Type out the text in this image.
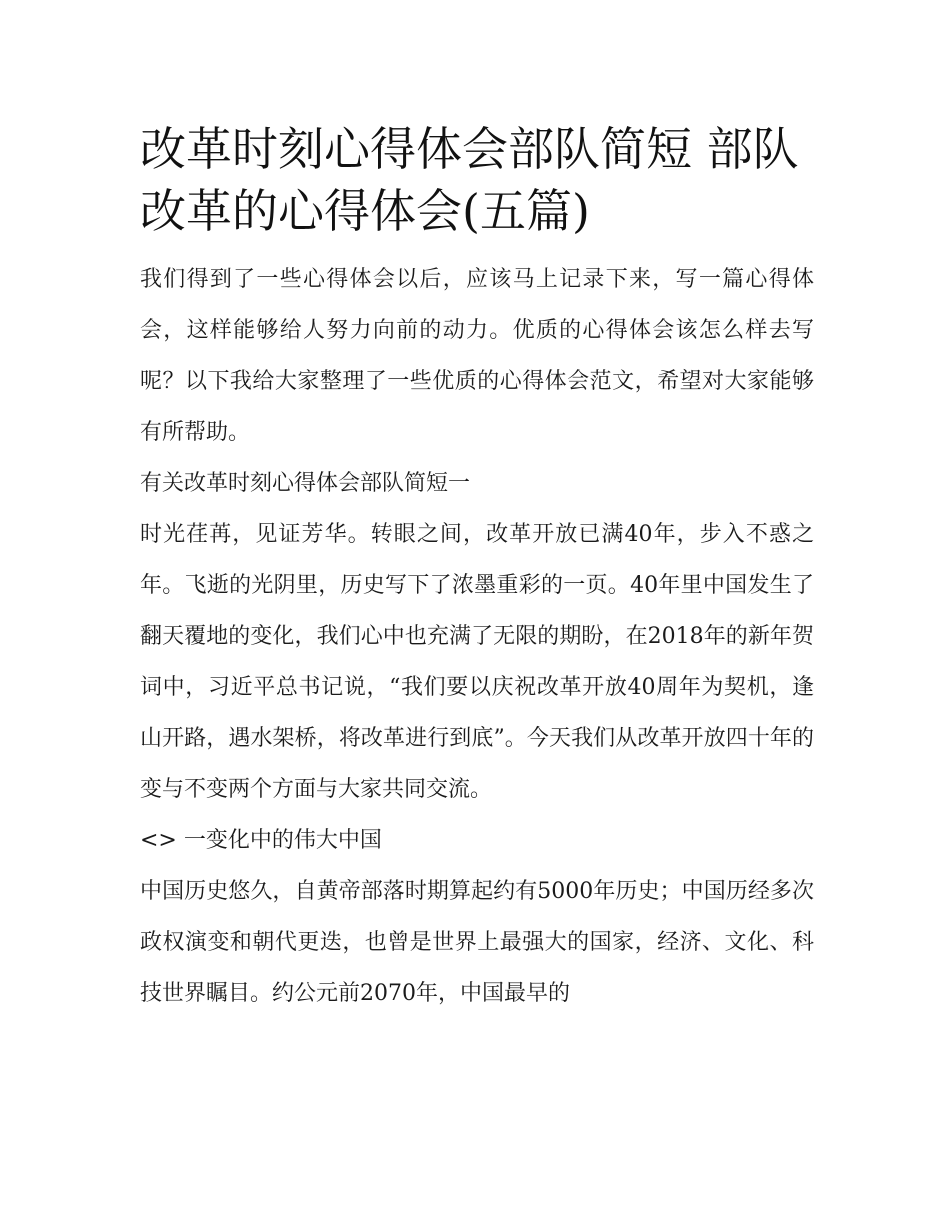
改革时刻心得体会部队简短 部队改革的心得体会(五篇)

我们得到了一些心得体会以后，应该马上记录下来，写一篇心得体会，这样能够给人努力向前的动力。优质的心得体会该怎么样去写呢？以下我给大家整理了一些优质的心得体会范文，希望对大家能够有所帮助。

有关改革时刻心得体会部队简短一

时光荏苒，见证芳华。转眼之间，改革开放已满40年，步入不惑之年。飞逝的光阴里，历史写下了浓墨重彩的一页。40年里中国发生了翻天覆地的变化，我们心中也充满了无限的期盼，在2018年的新年贺词中，习近平总书记说，“我们要以庆祝改革开放40周年为契机，逢山开路，遇水架桥，将改革进行到底”。今天我们从改革开放四十年的变与不变两个方面与大家共同交流。

<> 一变化中的伟大中国

中国历史悠久，自黄帝部落时期算起约有5000年历史；中国历经多次政权演变和朝代更迭，也曾是世界上最强大的国家，经济、文化、科技世界瞩目。约公元前2070年，中国最早的
